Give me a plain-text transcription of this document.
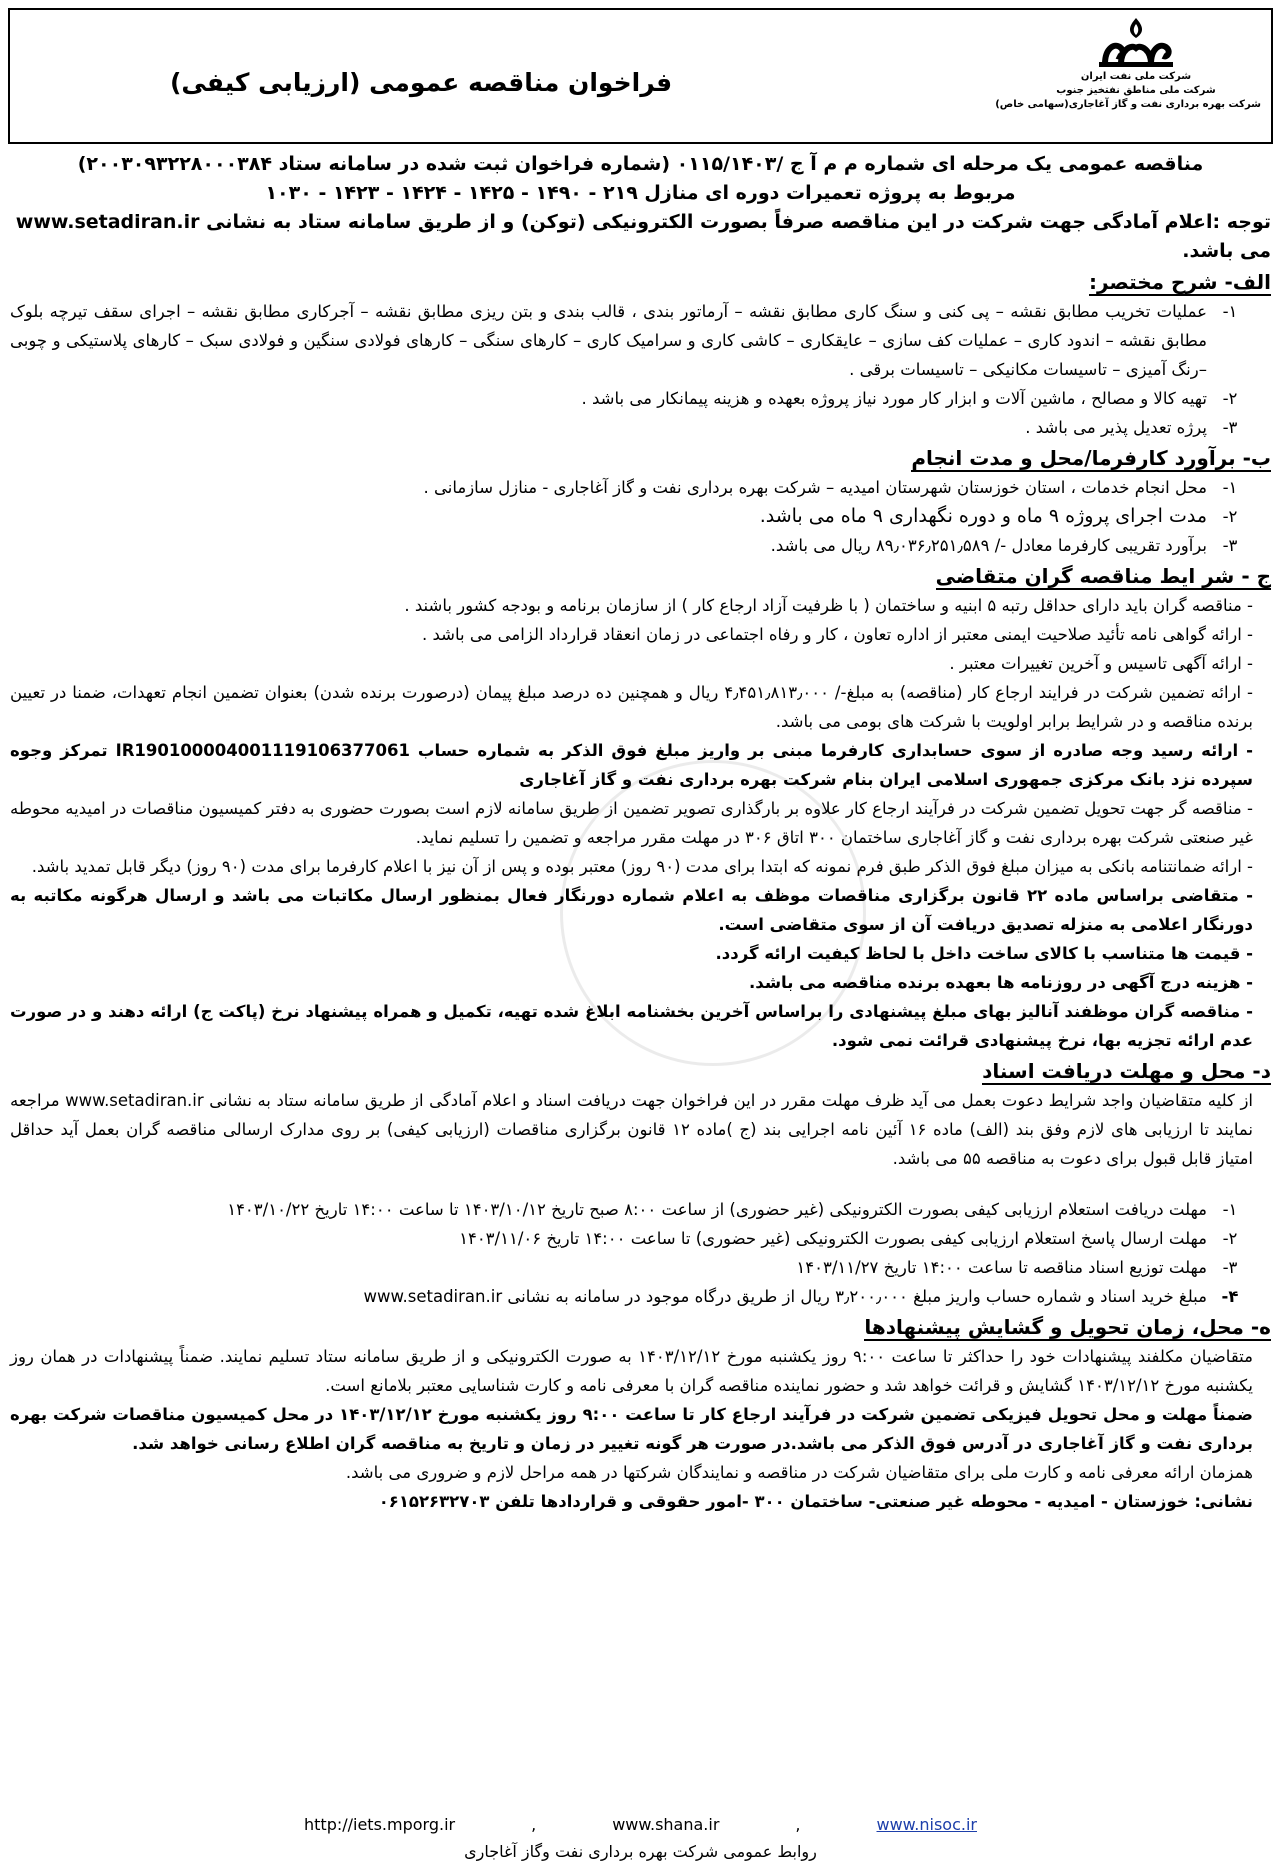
فراخوان مناقصه عمومی (ارزیابی کیفی)	شرکت ملی نفت ایران
شرکت ملی مناطق نفتخیز جنوب
شرکت بهره برداری نفت و گاز آغاجاری(سهامی خاص)
مناقصه عمومی یک مرحله ای شماره م م آ ج /۰۱۱۵/۱۴۰۳ (شماره فراخوان ثبت شده در سامانه ستاد ۲۰۰۳۰۹۳۲۲۸۰۰۰۳۸۴)
مربوط به پروژه تعمیرات دوره ای منازل ۲۱۹ - ۱۴۹۰ - ۱۴۲۵ - ۱۴۲۴ - ۱۴۲۳ - ۱۰۳۰
توجه :اعلام آمادگی جهت شرکت در این مناقصه صرفاً بصورت الکترونیکی (توکن) و از طریق سامانه ستاد به نشانی www.setadiran.ir می باشد.
الف- شرح مختصر:
۱-
عملیات تخریب مطابق نقشه – پی کنی و سنگ کاری مطابق نقشه – آرماتور بندی ، قالب بندی و بتن ریزی مطابق نقشه – آجرکاری مطابق نقشه – اجرای سقف تیرچه بلوک مطابق نقشه – اندود کاری – عملیات کف سازی – عایقکاری – کاشی کاری و سرامیک کاری – کارهای سنگی – کارهای فولادی سنگین و فولادی سبک – کارهای پلاستیکی و چوبی –رنگ آمیزی – تاسیسات مکانیکی – تاسیسات برقی .
۲-
تهیه کالا و مصالح ، ماشین آلات و ابزار کار مورد نیاز پروژه بعهده و هزینه پیمانکار می باشد .
۳-
پرژه تعدیل پذیر می باشد .
ب- برآورد کارفرما/محل و مدت انجام
۱-
محل انجام خدمات ، استان خوزستان شهرستان امیدیه – شرکت بهره برداری نفت و گاز آغاجاری - منازل سازمانی .
۲-
مدت اجرای پروژه ۹ ماه و دوره نگهداری ۹ ماه می باشد.
۳-
برآورد تقریبی کارفرما معادل -/ ۸۹٫۰۳۶٫۲۵۱٫۵۸۹ ریال می باشد.
ج - شر ایط مناقصه گران متقاضی
- مناقصه گران باید دارای حداقل رتبه ۵ ابنیه و ساختمان ( با ظرفیت آزاد ارجاع کار ) از سازمان برنامه و بودجه کشور باشند .
- ارائه گواهی نامه تأئید صلاحیت ایمنی معتبر از اداره تعاون ، کار و رفاه اجتماعی در زمان انعقاد قرارداد الزامی می باشد .
- ارائه آگهی تاسیس و آخرین تغییرات معتبر .
- ارائه تضمین شرکت در فرایند ارجاع کار (مناقصه) به مبلغ-/ ۴٫۴۵۱٫۸۱۳٫۰۰۰ ریال و همچنین ده درصد مبلغ پیمان (درصورت برنده شدن) بعنوان تضمین انجام تعهدات، ضمنا در تعیین برنده مناقصه و در شرایط برابر اولویت با شرکت های بومی می باشد.
- ارائه رسید وجه صادره از سوی حسابداری کارفرما مبنی بر واریز مبلغ فوق الذکر به شماره حساب IR190100004001119106377061 تمرکز وجوه سپرده نزد بانک مرکزی جمهوری اسلامی ایران بنام شرکت بهره برداری نفت و گاز آغاجاری
- مناقصه گر جهت تحویل تضمین شرکت در فرآیند ارجاع کار علاوه بر بارگذاری تصویر تضمین از طریق سامانه لازم است بصورت حضوری به دفتر کمیسیون مناقصات در امیدیه محوطه غیر صنعتی شرکت بهره برداری نفت و گاز آغاجاری ساختمان ۳۰۰ اتاق ۳۰۶ در مهلت مقرر مراجعه و تضمین را تسلیم نماید.
- ارائه ضمانتنامه بانکی به میزان مبلغ فوق الذکر طبق فرم نمونه که ابتدا برای مدت (۹۰ روز) معتبر بوده و پس از آن نیز با اعلام کارفرما برای مدت (۹۰ روز) دیگر قابل تمدید باشد.
- متقاضی براساس ماده ۲۲ قانون برگزاری مناقصات موظف به اعلام شماره دورنگار فعال بمنظور ارسال مکاتبات می باشد و ارسال هرگونه مکاتبه به دورنگار اعلامی به منزله تصدیق دریافت آن از سوی متقاضی است.
- قیمت ها متناسب با کالای ساخت داخل با لحاظ کیفیت ارائه گردد.
- هزینه درج آگهی در روزنامه ها بعهده برنده مناقصه می باشد.
- مناقصه گران موظفند آنالیز بهای مبلغ پیشنهادی را براساس آخرین بخشنامه ابلاغ شده تهیه، تکمیل و همراه پیشنهاد نرخ (پاکت ج) ارائه دهند و در صورت عدم ارائه تجزیه بها، نرخ پیشنهادی قرائت نمی شود.
د- محل و مهلت دریافت اسناد
از کلیه متقاضیان واجد شرایط دعوت بعمل می آید ظرف مهلت مقرر در این فراخوان جهت دریافت اسناد و اعلام آمادگی از طریق سامانه ستاد به نشانی www.setadiran.ir مراجعه نمایند تا ارزیابی های لازم وفق بند (الف) ماده ۱۶ آئین نامه اجرایی بند (ج )ماده ۱۲ قانون برگزاری مناقصات (ارزیابی کیفی) بر روی مدارک ارسالی مناقصه گران بعمل آید حداقل امتیاز قابل قبول برای دعوت به مناقصه ۵۵ می باشد.
۱-
مهلت دریافت استعلام ارزیابی کیفی بصورت الکترونیکی (غیر حضوری) از ساعت ۸:۰۰ صبح تاریخ ۱۴۰۳/۱۰/۱۲ تا ساعت ۱۴:۰۰ تاریخ ۱۴۰۳/۱۰/۲۲
۲-
مهلت ارسال پاسخ استعلام ارزیابی کیفی بصورت الکترونیکی (غیر حضوری) تا ساعت ۱۴:۰۰ تاریخ ۱۴۰۳/۱۱/۰۶
۳-
مهلت توزیع اسناد مناقصه تا ساعت ۱۴:۰۰ تاریخ ۱۴۰۳/۱۱/۲۷
۴-
مبلغ خرید اسناد و شماره حساب واریز مبلغ ۳٫۲۰۰٫۰۰۰ ریال از طریق درگاه موجود در سامانه به نشانی www.setadiran.ir
ه- محل، زمان تحویل و گشایش پیشنهادها
متقاضیان مکلفند پیشنهادات خود را حداکثر تا ساعت ۹:۰۰ روز یکشنبه مورخ ۱۴۰۳/۱۲/۱۲ به صورت الکترونیکی و از طریق سامانه ستاد تسلیم نمایند. ضمناً پیشنهادات در همان روز یکشنبه مورخ ۱۴۰۳/۱۲/۱۲ گشایش و قرائت خواهد شد و حضور نماینده مناقصه گران با معرفی نامه و کارت شناسایی معتبر بلامانع است.
ضمناً مهلت و محل تحویل فیزیکی تضمین شرکت در فرآیند ارجاع کار تا ساعت ۹:۰۰ روز یکشنبه مورخ ۱۴۰۳/۱۲/۱۲ در محل کمیسیون مناقصات شرکت بهره برداری نفت و گاز آغاجاری در آدرس فوق الذکر می باشد.در صورت هر گونه تغییر در زمان و تاریخ به مناقصه گران اطلاع رسانی خواهد شد.
همزمان ارائه معرفی نامه و کارت ملی برای متقاضیان شرکت در مناقصه و نمایندگان شرکتها در همه مراحل لازم و ضروری می باشد.
نشانی: خوزستان - امیدیه - محوطه غیر صنعتی- ساختمان ۳۰۰ -امور حقوقی و قراردادها تلفن ۰۶۱۵۲۶۳۲۷۰۳
http://iets.mporg.ir	,	www.shana.ir	,	www.nisoc.ir
روابط عمومی شرکت بهره برداری نفت وگاز آغاجاری
